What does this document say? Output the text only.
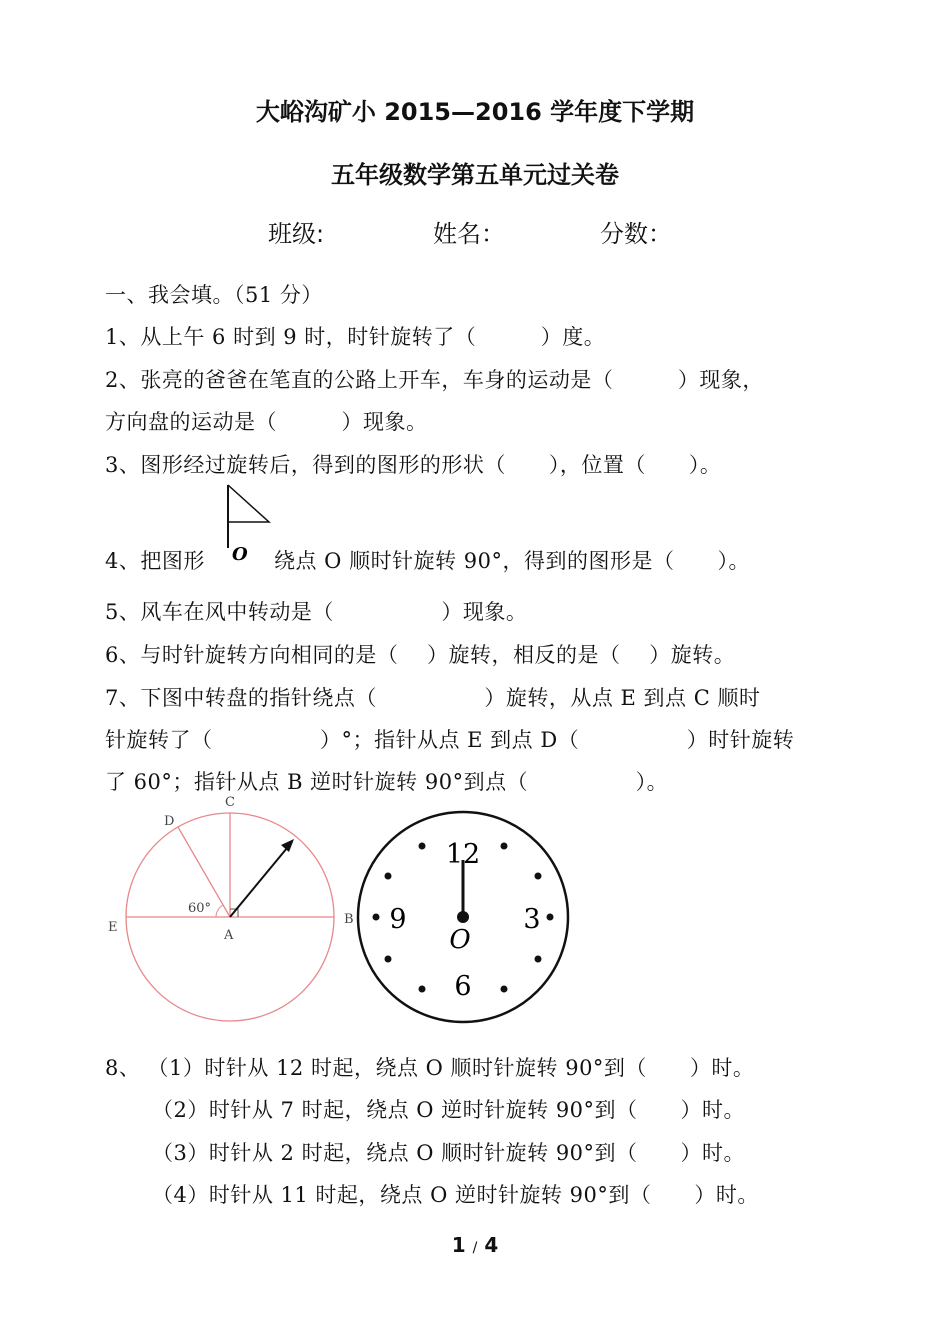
大峪沟矿小 2015—2016 学年度下学期
五年级数学第五单元过关卷
班级:	姓名：	分数：
一、我会填。（51 分）
1、从上午 6 时到 9 时，时针旋转了（　　　）度。
2、张亮的爸爸在笔直的公路上开车，车身的运动是（　　　）现象，
方向盘的运动是（　　　）现象。
3、图形经过旋转后，得到的图形的形状（　　），位置（　　）。
4、把图形 O 绕点 O 顺时针旋转 90°，得到的图形是（　　）。
5、风车在风中转动是（　　　　　）现象。
6、与时针旋转方向相同的是（　 ）旋转，相反的是（　 ）旋转。
7、下图中转盘的指针绕点（　　　　　）旋转，从点 E 到点 C 顺时
针旋转了（　　　　　）°；指针从点 E 到点 D（　　　　　）时针旋转
了 60°；指针从点 B 逆时针旋转 90°到点（　　　　　）。
C
D
E
B
A
60°
12
3
6
9
O
8、 （1）时针从 12 时起，绕点 O 顺时针旋转 90°到（　　）时。
（2）时针从 7 时起，绕点 O 逆时针旋转 90°到（　　）时。
（3）时针从 2 时起，绕点 O 顺时针旋转 90°到（　　）时。
（4）时针从 11 时起，绕点 O 逆时针旋转 90°到（　　）时。
1 / 4
